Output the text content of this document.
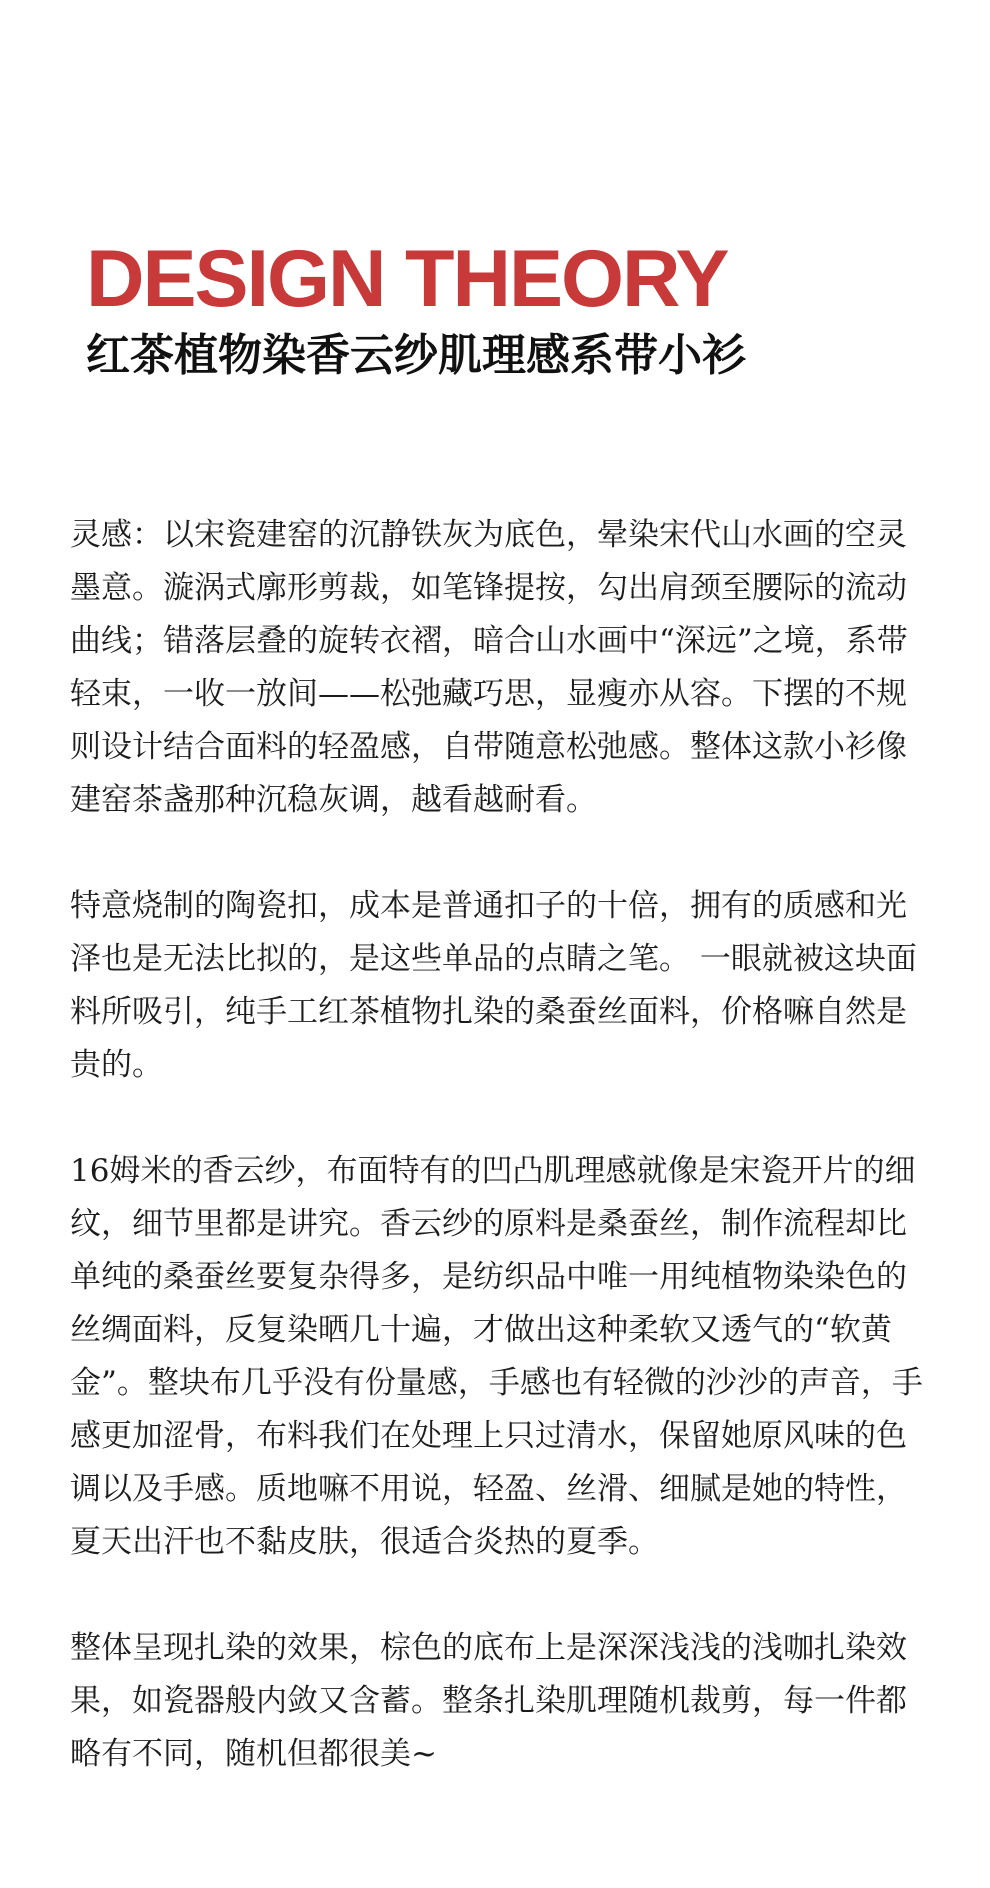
DESIGN THEORY
红茶植物染香云纱肌理感系带小衫

灵感：以宋瓷建窑的沉静铁灰为底色，晕染宋代山水画的空灵墨意。漩涡式廓形剪裁，如笔锋提按，勾出肩颈至腰际的流动曲线；错落层叠的旋转衣褶，暗合山水画中“深远”之境，系带轻束，一收一放间——松弛藏巧思，显瘦亦从容。下摆的不规则设计结合面料的轻盈感，自带随意松弛感。整体这款小衫像建窑茶盏那种沉稳灰调，越看越耐看。

特意烧制的陶瓷扣，成本是普通扣子的十倍，拥有的质感和光泽也是无法比拟的，是这些单品的点睛之笔。 一眼就被这块面料所吸引，纯手工红茶植物扎染的桑蚕丝面料，价格嘛自然是贵的。

16姆米的香云纱，布面特有的凹凸肌理感就像是宋瓷开片的细纹，细节里都是讲究。香云纱的原料是桑蚕丝，制作流程却比单纯的桑蚕丝要复杂得多，是纺织品中唯一用纯植物染染色的丝绸面料，反复染晒几十遍，才做出这种柔软又透气的“软黄金”。整块布几乎没有份量感，手感也有轻微的沙沙的声音，手感更加涩骨，布料我们在处理上只过清水，保留她原风味的色调以及手感。质地嘛不用说，轻盈、丝滑、细腻是她的特性，夏天出汗也不黏皮肤，很适合炎热的夏季。

整体呈现扎染的效果，棕色的底布上是深深浅浅的浅咖扎染效果，如瓷器般内敛又含蓄。整条扎染肌理随机裁剪，每一件都略有不同，随机但都很美~
